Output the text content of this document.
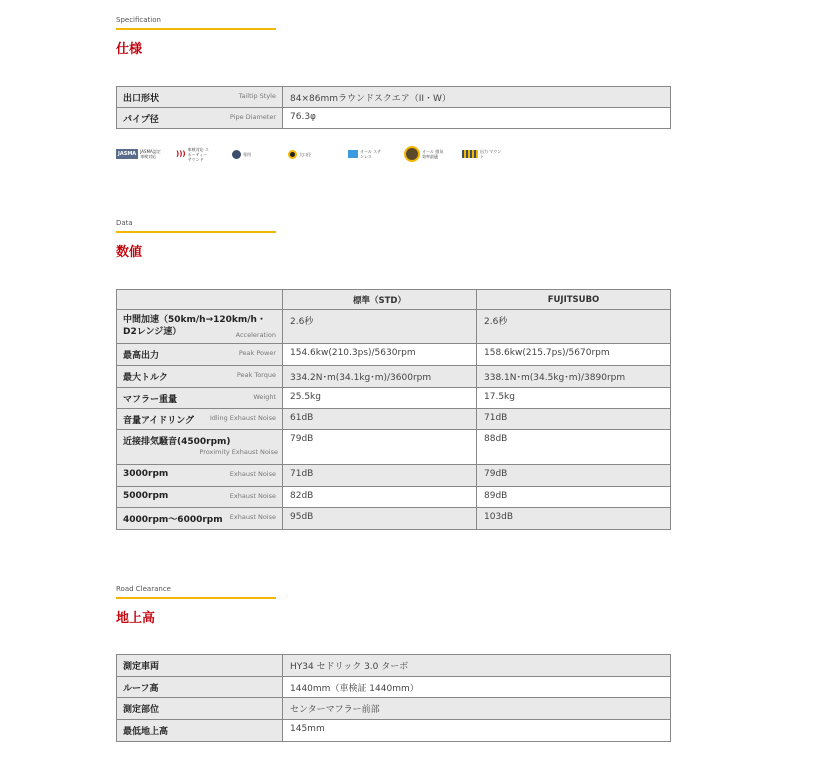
Specification
仕様
出口形状 Tailtip Style	84×86mmラウンドスクエア（II・W）
パイプ径 Pipe Diameter	76.3φ
JASMA	JASMA認定 車検対応	)))
車検対応 スポーティー サウンド
専用	大口径	オール ステンレス
オール 排気効率最適
出力 マウント
Data
数値
	標準（STD）	FUJITSUBO

中間加速（50km/h→120km/h・D2レンジ速） Acceleration	2.6秒	2.6秒
最高出力 Peak Power	154.6kw(210.3ps)/5630rpm	158.6kw(215.7ps)/5670rpm
最大トルク Peak Torque	334.2N･m(34.1kg･m)/3600rpm	338.1N･m(34.5kg･m)/3890rpm
マフラー重量 Weight	25.5kg	17.5kg
音量アイドリング Idling Exhaust Noise	61dB	71dB

近接排気騒音(4500rpm)
Proximity Exhaust Noise	79dB	88dB
3000rpm Exhaust Noise	71dB	79dB
5000rpm Exhaust Noise	82dB	89dB
4000rpm～6000rpm Exhaust Noise	95dB	103dB
Road Clearance
地上高
測定車両	HY34 セドリック 3.0 ターボ
ルーフ高	1440mm（車検証 1440mm）
測定部位	センターマフラー前部
最低地上高	145mm
